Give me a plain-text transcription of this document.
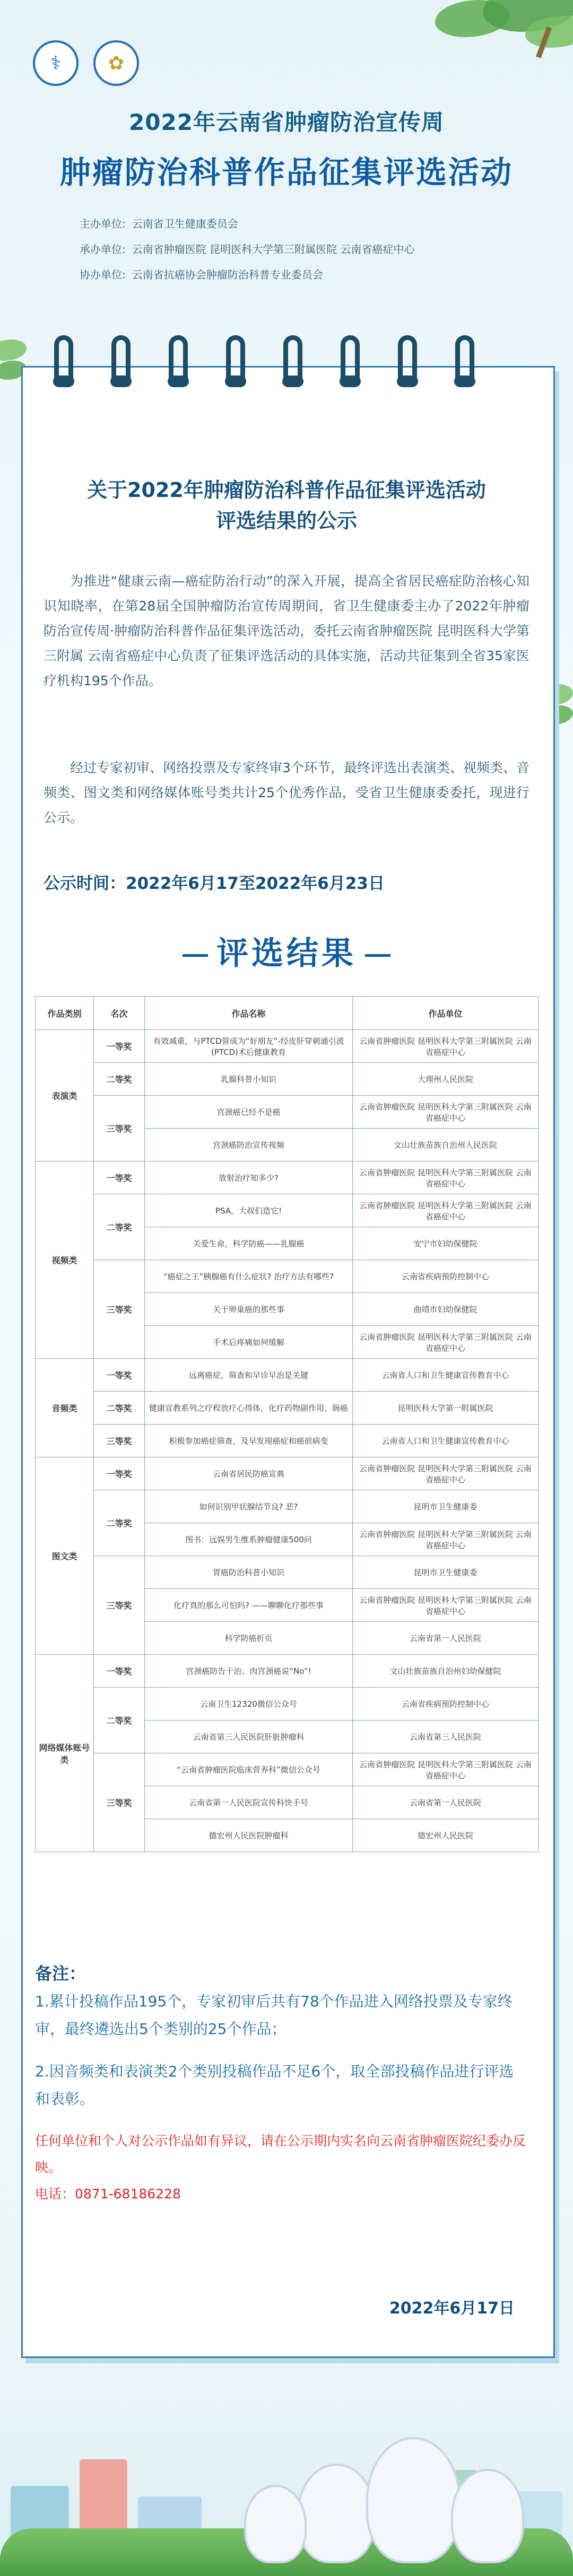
⚕	✿
2022年云南省肿瘤防治宣传周
肿瘤防治科普作品征集评选活动
主办单位: 云南省卫生健康委员会
承办单位: 云南省肿瘤医院 昆明医科大学第三附属医院 云南省癌症中心
协办单位: 云南省抗癌协会肿瘤防治科普专业委员会
关于2022年肿瘤防治科普作品征集评选活动
评选结果的公示
为推进“健康云南—癌症防治行动”的深入开展，提高全省居民癌症防治核心知识知晓率，在第28届全国肿瘤防治宣传周期间，省卫生健康委主办了2022年肿瘤防治宣传周·肿瘤防治科普作品征集评选活动，委托云南省肿瘤医院 昆明医科大学第三附属 云南省癌症中心负责了征集评选活动的具体实施，活动共征集到全省35家医疗机构195个作品。
经过专家初审、网络投票及专家终审3个环节，最终评选出表演类、视频类、音频类、图文类和网络媒体账号类共计25个优秀作品，受省卫生健康委委托，现进行公示。
公示时间：2022年6月17至2022年6月23日
评选结果
作品类别	名次	作品名称	作品单位
表演类	一等奖	有效减重，与PTCD管成为“好朋友”-经皮肝穿刺通引流(PTCD)术后健康教育	云南省肿瘤医院 昆明医科大学第三附属医院 云南省癌症中心
	二等奖	乳腺科普小知识	大理州人民医院
	三等奖	宫颈癌已经不是癌	云南省肿瘤医院 昆明医科大学第三附属医院 云南省癌症中心
		宫颈癌防治宣传视频	文山壮族苗族自治州人民医院
视频类	一等奖	放射治疗知多少?	云南省肿瘤医院 昆明医科大学第三附属医院 云南省癌症中心
	二等奖	PSA，大叔们造它!	云南省肿瘤医院 昆明医科大学第三附属医院 云南省癌症中心
		关爱生命，科学防癌——乳腺癌	安宁市妇幼保健院
	三等奖	“癌症之王”胰腺癌有什么症状? 治疗方法有哪些?	云南省疾病预防控制中心
		关于卵巢癌的那些事	曲靖市妇幼保健院
		手术后疼痛如何缓解	云南省肿瘤医院 昆明医科大学第三附属医院 云南省癌症中心
音频类	一等奖	远离癌症，筛查和早诊早治是关键	云南省人口和卫生健康宣传教育中心
	二等奖	健康宣教系列之疗程放疗心得体，化疗药物副作用、肠癌	昆明医科大学第一附属医院
	三等奖	积极参加癌症筛查，及早发现癌症和癌前病变	云南省人口和卫生健康宣传教育中心
图文类	一等奖	云南省居民防癌宣典	云南省肿瘤医院 昆明医科大学第三附属医院 云南省癌症中心
	二等奖	如何识别甲状腺结节良? 恶?	昆明市卫生健康委
		图书：远娱男生维系肿瘤健康500问	云南省肿瘤医院 昆明医科大学第三附属医院 云南省癌症中心
	三等奖	胃癌防治科普小知识	昆明市卫生健康委
		化疗真的那么可怕吗? ——聊聊化疗那些事	云南省肿瘤医院 昆明医科大学第三附属医院 云南省癌症中心
		科学防癌折页	云南省第一人民医院
网络媒体账号类	一等奖	宫颈癌防告于治、肉宫颈癌说“No”!	文山壮族苗族自治州妇幼保健院
	二等奖	云南卫生12320微信公众号	云南省疾病预防控制中心
		云南省第三人民医院肝脏肿瘤科	云南省第三人民医院
	三等奖	“云南省肿瘤医院临床营养科”微信公众号	云南省肿瘤医院 昆明医科大学第三附属医院 云南省癌症中心
		云南省第一人民医院宣传科快手号	云南省第一人民医院
		德宏州人民医院肿瘤科	德宏州人民医院
备注：
1.累计投稿作品195个，专家初审后共有78个作品进入网络投票及专家终审，最终遴选出5个类别的25个作品；
2.因音频类和表演类2个类别投稿作品不足6个，取全部投稿作品进行评选和表彰。
任何单位和个人对公示作品如有异议，请在公示期内实名向云南省肿瘤医院纪委办反映。
电话：0871-68186228
2022年6月17日
